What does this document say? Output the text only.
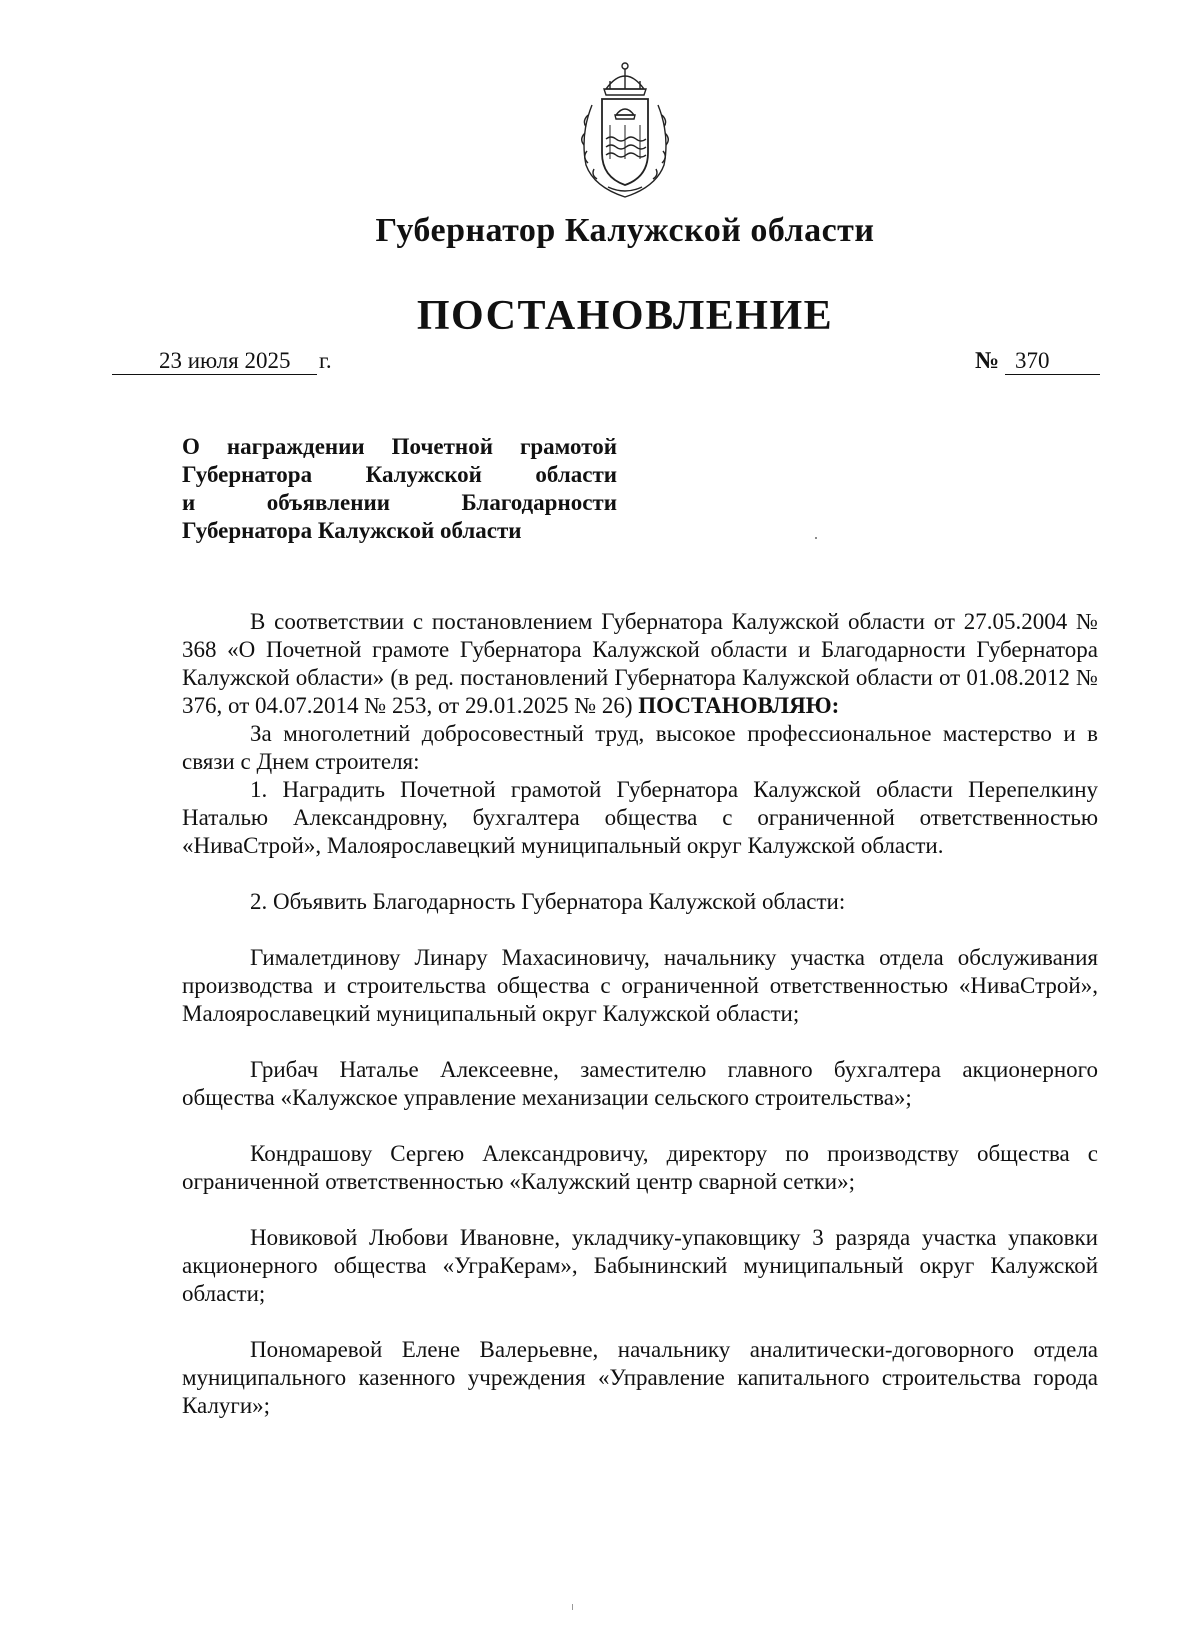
Губернатор Калужской области
ПОСТАНОВЛЕНИЕ
23 июля 2025 г.	№ 370
О награждении Почетной грамотой
Губернатора Калужской области
и объявлении Благодарности
Губернатора Калужской области

В соответствии с постановлением Губернатора Калужской области от 27.05.2004 № 368 «О Почетной грамоте Губернатора Калужской области и Благодарности Губернатора Калужской области» (в ред. постановлений Губернатора Калужской области от 01.08.2012 № 376, от 04.07.2014 № 253, от 29.01.2025 № 26) ПОСТАНОВЛЯЮ:

За многолетний добросовестный труд, высокое профессиональное мастерство и в связи с Днем строителя:

1. Наградить Почетной грамотой Губернатора Калужской области Перепелкину Наталью Александровну, бухгалтера общества с ограниченной ответственностью «НиваСтрой», Малоярославецкий муниципальный округ Калужской области.

2. Объявить Благодарность Губернатора Калужской области:

Гималетдинову Линару Махасиновичу, начальнику участка отдела обслуживания производства и строительства общества с ограниченной ответственностью «НиваСтрой», Малоярославецкий муниципальный округ Калужской области;

Грибач Наталье Алексеевне, заместителю главного бухгалтера акционерного общества «Калужское управление механизации сельского строительства»;

Кондрашову Сергею Александровичу, директору по производству общества с ограниченной ответственностью «Калужский центр сварной сетки»;

Новиковой Любови Ивановне, укладчику-упаковщику 3 разряда участка упаковки акционерного общества «УграКерам», Бабынинский муниципальный округ Калужской области;

Пономаревой Елене Валерьевне, начальнику аналитически-договорного отдела муниципального казенного учреждения «Управление капитального строительства города Калуги»;
